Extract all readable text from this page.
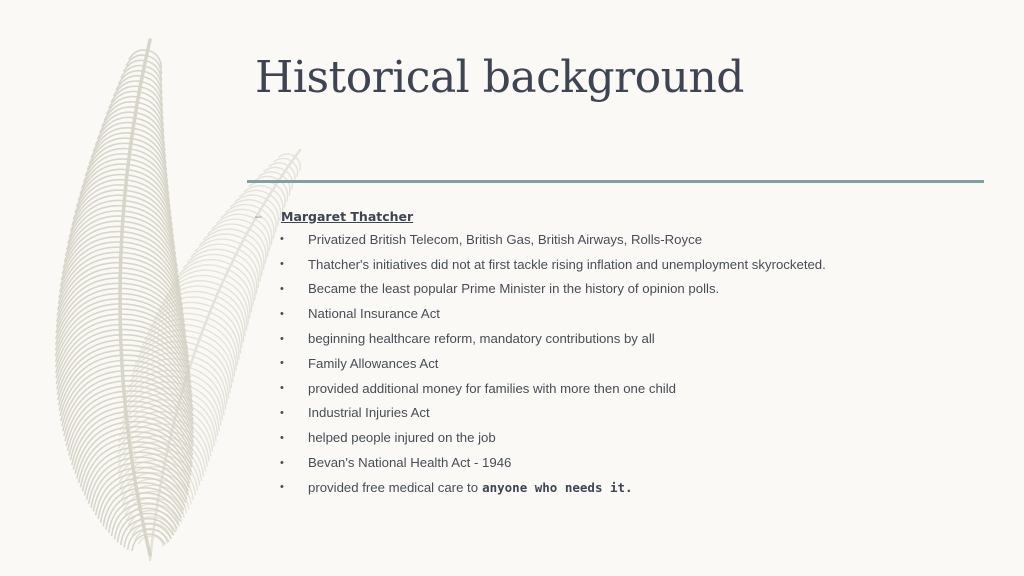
Historical background
–	Margaret Thatcher
•	Privatized British Telecom, British Gas, British Airways, Rolls-Royce
•	Thatcher's initiatives did not at first tackle rising inflation and unemployment skyrocketed.
•	Became the least popular Prime Minister in the history of opinion polls.
•	National Insurance Act
•	beginning healthcare reform, mandatory contributions by all
•	Family Allowances Act
•	provided additional money for families with more then one child
•	Industrial Injuries Act
•	helped people injured on the job
•	Bevan's National Health Act - 1946
•	provided free medical care to anyone who needs it.
